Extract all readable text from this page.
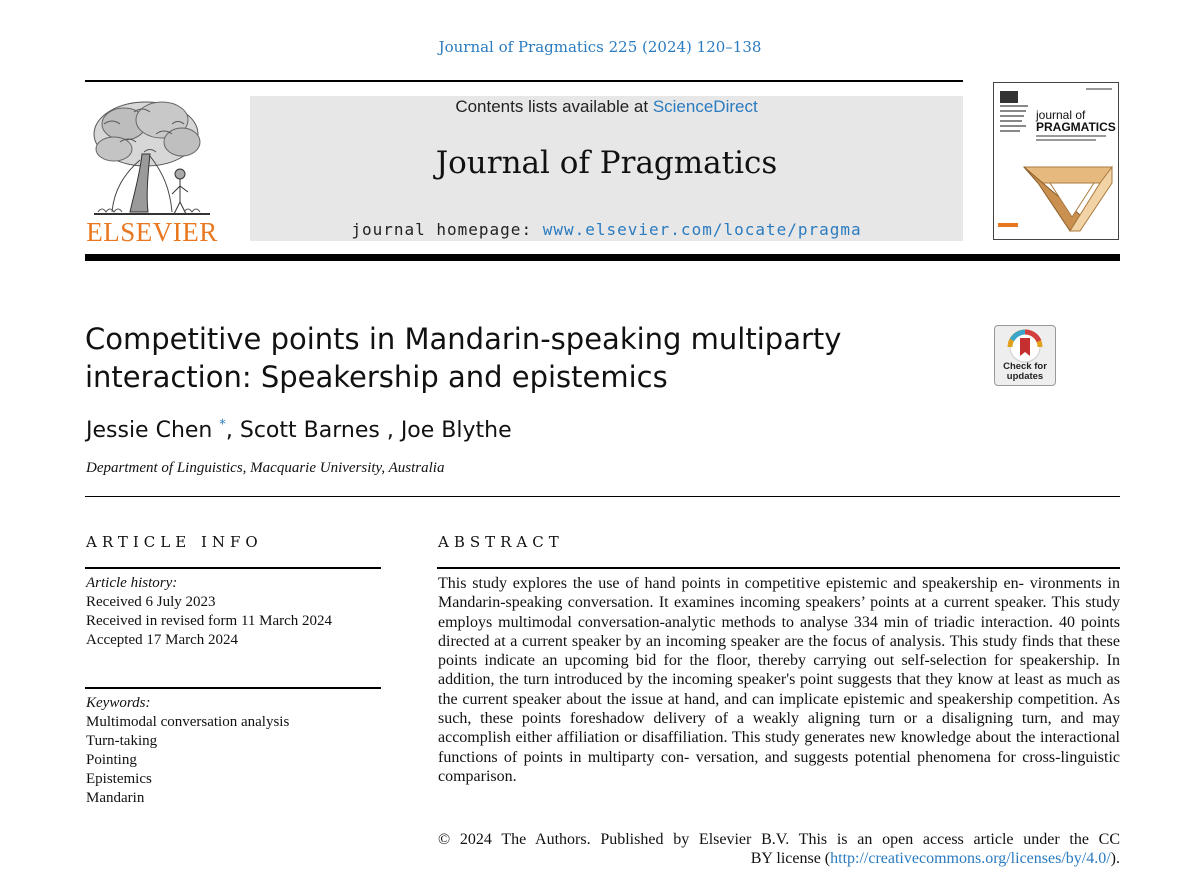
Journal of Pragmatics 225 (2024) 120–138
ELSEVIER
Contents lists available at ScienceDirect
Journal of Pragmatics
journal homepage: www.elsevier.com/locate/pragma
journal of
PRAGMATICS
Competitive points in Mandarin-speaking multiparty
interaction: Speakership and epistemics	Check for
updates
Jessie Chen *, Scott Barnes , Joe Blythe
Department of Linguistics, Macquarie University, Australia
ARTICLE INFO	ABSTRACT
Article history:
Received 6 July 2023
Received in revised form 11 March 2024
Accepted 17 March 2024
Keywords:
Multimodal conversation analysis
Turn-taking
Pointing
Epistemics
Mandarin

This study explores the use of hand points in competitive epistemic and speakership en- vironments in Mandarin-speaking conversation. It examines incoming speakers’ points at a current speaker. This study employs multimodal conversation-analytic methods to analyse 334 min of triadic interaction. 40 points directed at a current speaker by an incoming speaker are the focus of analysis. This study finds that these points indicate an upcoming bid for the floor, thereby carrying out self-selection for speakership. In addition, the turn introduced by the incoming speaker's point suggests that they know at least as much as the current speaker about the issue at hand, and can implicate epistemic and speakership competition. As such, these points foreshadow delivery of a weakly aligning turn or a disaligning turn, and may accomplish either affiliation or disaffiliation. This study generates new knowledge about the interactional functions of points in multiparty con- versation, and suggests potential phenomena for cross-linguistic comparison.

© 2024 The Authors. Published by Elsevier B.V. This is an open access article under the CC
BY license (http://creativecommons.org/licenses/by/4.0/).
